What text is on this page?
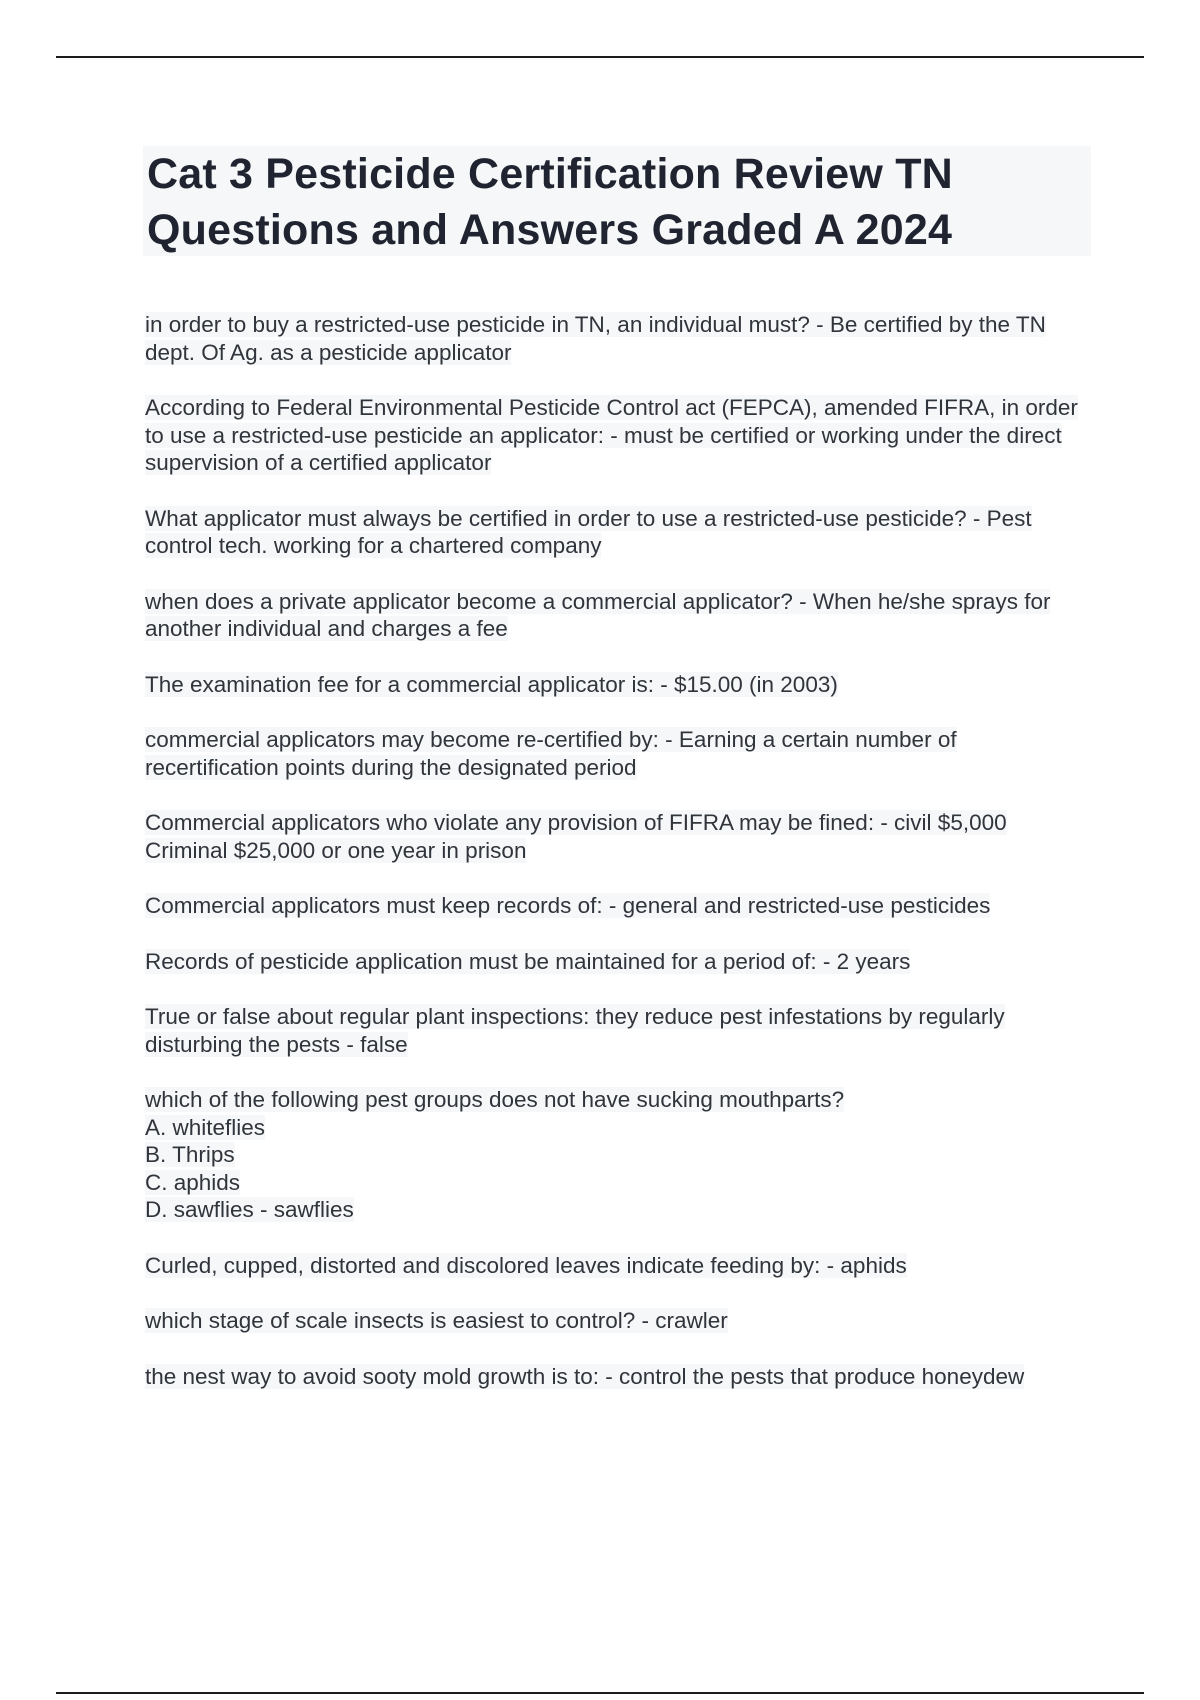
Cat 3 Pesticide Certification Review TN Questions and Answers Graded A 2024

in order to buy a restricted-use pesticide in TN, an individual must? - Be certified by the TN dept. Of Ag. as a pesticide applicator

According to Federal Environmental Pesticide Control act (FEPCA), amended FIFRA, in order to use a restricted-use pesticide an applicator: - must be certified or working under the direct supervision of a certified applicator

What applicator must always be certified in order to use a restricted-use pesticide? - Pest control tech. working for a chartered company

when does a private applicator become a commercial applicator? - When he/she sprays for another individual and charges a fee

The examination fee for a commercial applicator is: - $15.00 (in 2003)

commercial applicators may become re-certified by: - Earning a certain number of recertification points during the designated period

Commercial applicators who violate any provision of FIFRA may be fined: - civil $5,000 Criminal $25,000 or one year in prison

Commercial applicators must keep records of: - general and restricted-use pesticides

Records of pesticide application must be maintained for a period of: - 2 years

True or false about regular plant inspections: they reduce pest infestations by regularly disturbing the pests - false

which of the following pest groups does not have sucking mouthparts?
A. whiteflies
B. Thrips
C. aphids
D. sawflies - sawflies

Curled, cupped, distorted and discolored leaves indicate feeding by: - aphids

which stage of scale insects is easiest to control? - crawler

the nest way to avoid sooty mold growth is to: - control the pests that produce honeydew
